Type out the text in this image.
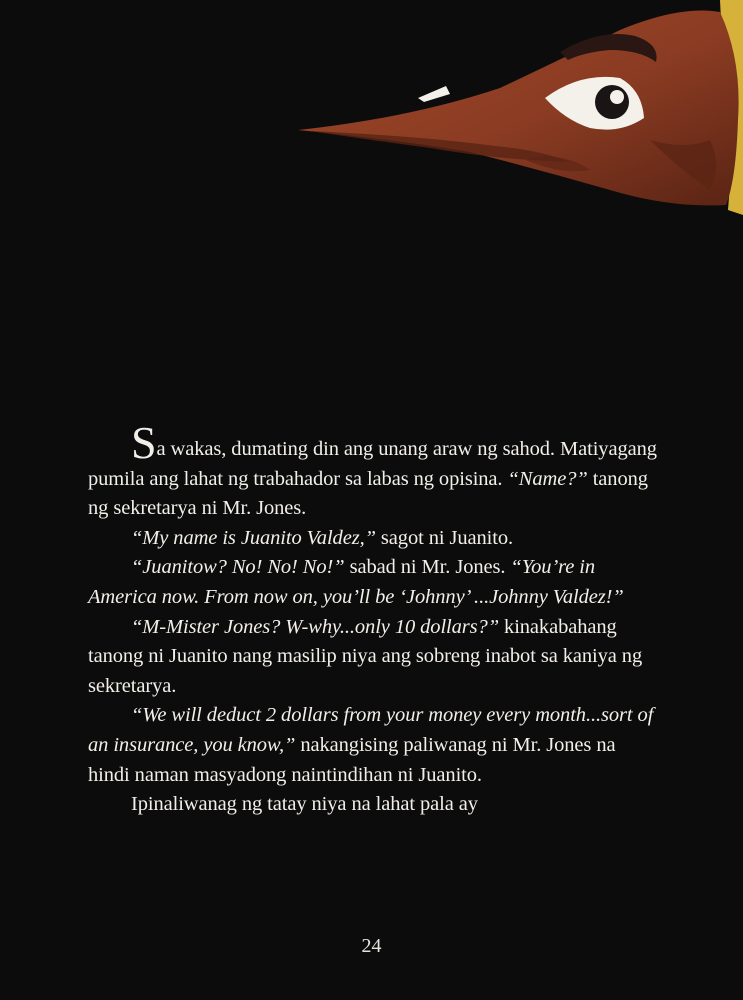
Sa wakas, dumating din ang unang araw ng sahod. Matiyagang pumila ang lahat ng trabahador sa labas ng opisina. “Name?” tanong ng sekretarya ni Mr. Jones.

“My name is Juanito Valdez,” sagot ni Juanito.

“Juanitow? No! No! No!” sabad ni Mr. Jones. “You’re in America now. From now on, you’ll be ‘Johnny’ ...Johnny Valdez!”

“M-Mister Jones? W-why...only 10 dollars?” kinakabahang tanong ni Juanito nang masilip niya ang sobreng inabot sa kaniya ng sekretarya.

“We will deduct 2 dollars from your money every month...sort of an insurance, you know,” nakangising paliwanag ni Mr. Jones na hindi naman masyadong naintindihan ni Juanito.

Ipinaliwanag ng tatay niya na lahat pala ay

24
